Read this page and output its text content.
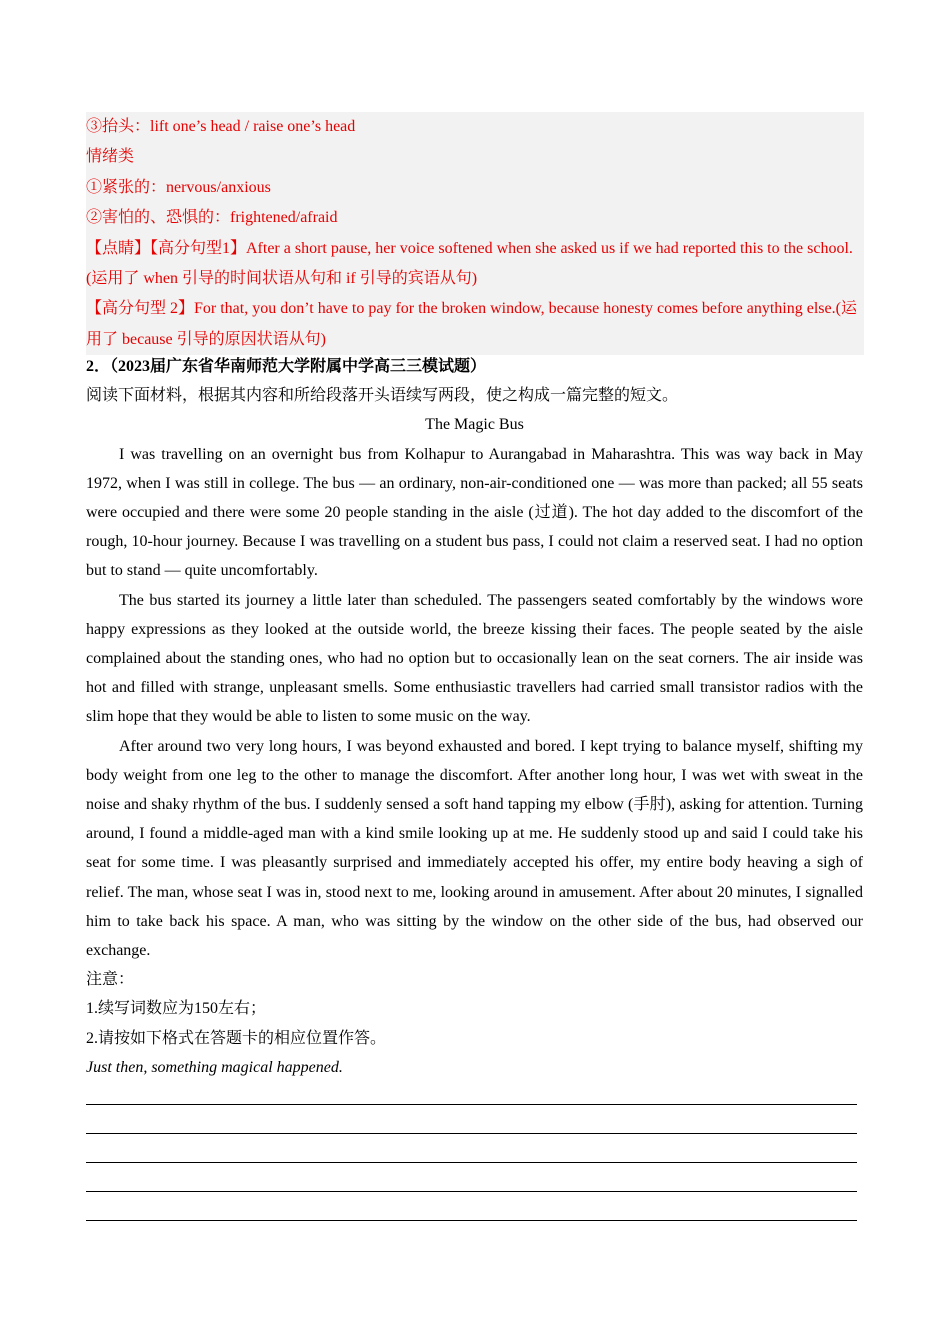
③抬头：lift one’s head / raise one’s head

情绪类

①紧张的：nervous/anxious

②害怕的、恐惧的：frightened/afraid

【点睛】【高分句型1】After a short pause, her voice softened when she asked us if we had reported this to the school.(运用了 when 引导的时间状语从句和 if 引导的宾语从句)

【高分句型 2】For that, you don’t have to pay for the broken window, because honesty comes before anything else.(运用了 because 引导的原因状语从句)

2．（2023届广东省华南师范大学附属中学高三三模试题）

阅读下面材料，根据其内容和所给段落开头语续写两段，使之构成一篇完整的短文。

The Magic Bus

I was travelling on an overnight bus from Kolhapur to Aurangabad in Maharashtra. This was way back in May 1972, when I was still in college. The bus — an ordinary, non-air-conditioned one — was more than packed; all 55 seats were occupied and there were some 20 people standing in the aisle (过道). The hot day added to the discomfort of the rough, 10-hour journey. Because I was travelling on a student bus pass, I could not claim a reserved seat. I had no option but to stand — quite uncomfortably.

The bus started its journey a little later than scheduled. The passengers seated comfortably by the windows wore happy expressions as they looked at the outside world, the breeze kissing their faces. The people seated by the aisle complained about the standing ones, who had no option but to occasionally lean on the seat corners. The air inside was hot and filled with strange, unpleasant smells. Some enthusiastic travellers had carried small transistor radios with the slim hope that they would be able to listen to some music on the way.

After around two very long hours, I was beyond exhausted and bored. I kept trying to balance myself, shifting my body weight from one leg to the other to manage the discomfort. After another long hour, I was wet with sweat in the noise and shaky rhythm of the bus. I suddenly sensed a soft hand tapping my elbow (手肘), asking for attention. Turning around, I found a middle-aged man with a kind smile looking up at me. He suddenly stood up and said I could take his seat for some time. I was pleasantly surprised and immediately accepted his offer, my entire body heaving a sigh of relief. The man, whose seat I was in, stood next to me, looking around in amusement. After about 20 minutes, I signalled him to take back his space. A man, who was sitting by the window on the other side of the bus, had observed our exchange.

注意：

1.续写词数应为150左右；

2.请按如下格式在答题卡的相应位置作答。

Just then, something magical happened.
